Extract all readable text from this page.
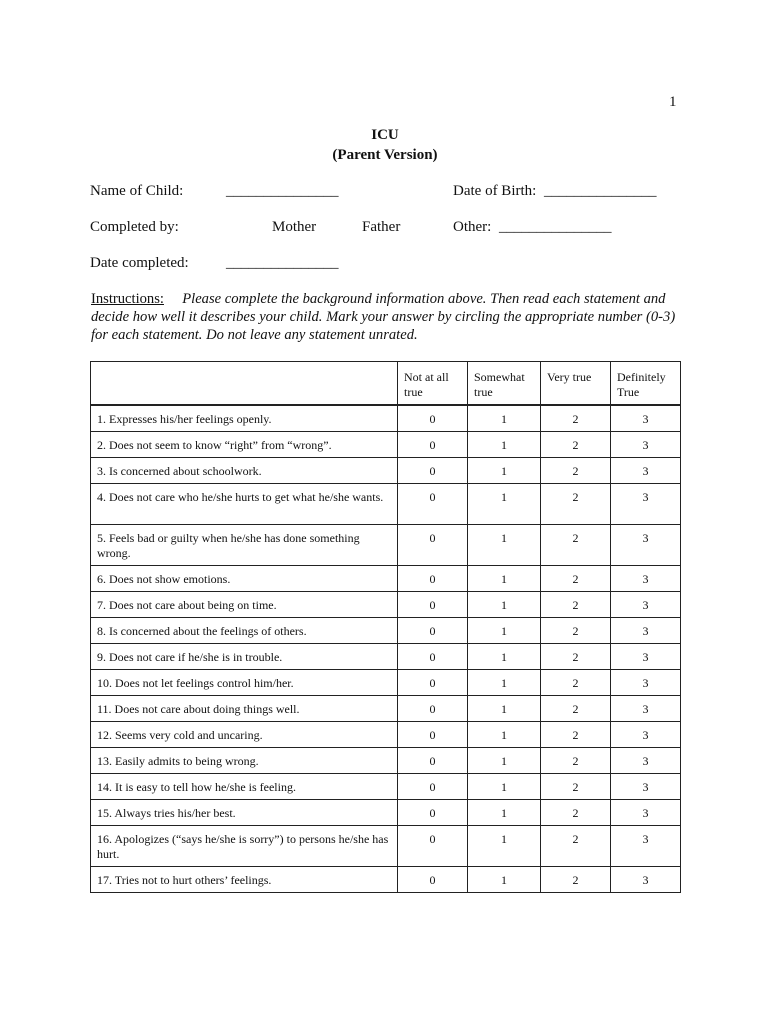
1
ICU
(Parent Version)
Name of Child:	_______________	Date of Birth: _______________
Completed by:	Mother	Father	Other: _______________
Date completed: _______________
Instructions: Please complete the background information above. Then read each statement and decide how well it describes your child. Mark your answer by circling the appropriate number (0-3) for each statement. Do not leave any statement unrated.
	Not at all true	Somewhat true	Very true	Definitely True
1. Expresses his/her feelings openly.	0	1	2	3
2. Does not seem to know “right” from “wrong”.	0	1	2	3
3. Is concerned about schoolwork.	0	1	2	3
4. Does not care who he/she hurts to get what he/she wants.	0	1	2	3
5. Feels bad or guilty when he/she has done something wrong.	0	1	2	3
6. Does not show emotions.	0	1	2	3
7. Does not care about being on time.	0	1	2	3
8. Is concerned about the feelings of others.	0	1	2	3
9. Does not care if he/she is in trouble.	0	1	2	3
10. Does not let feelings control him/her.	0	1	2	3
11. Does not care about doing things well.	0	1	2	3
12. Seems very cold and uncaring.	0	1	2	3
13. Easily admits to being wrong.	0	1	2	3
14. It is easy to tell how he/she is feeling.	0	1	2	3
15. Always tries his/her best.	0	1	2	3
16. Apologizes (“says he/she is sorry”) to persons he/she has hurt.	0	1	2	3
17. Tries not to hurt others’ feelings.	0	1	2	3
